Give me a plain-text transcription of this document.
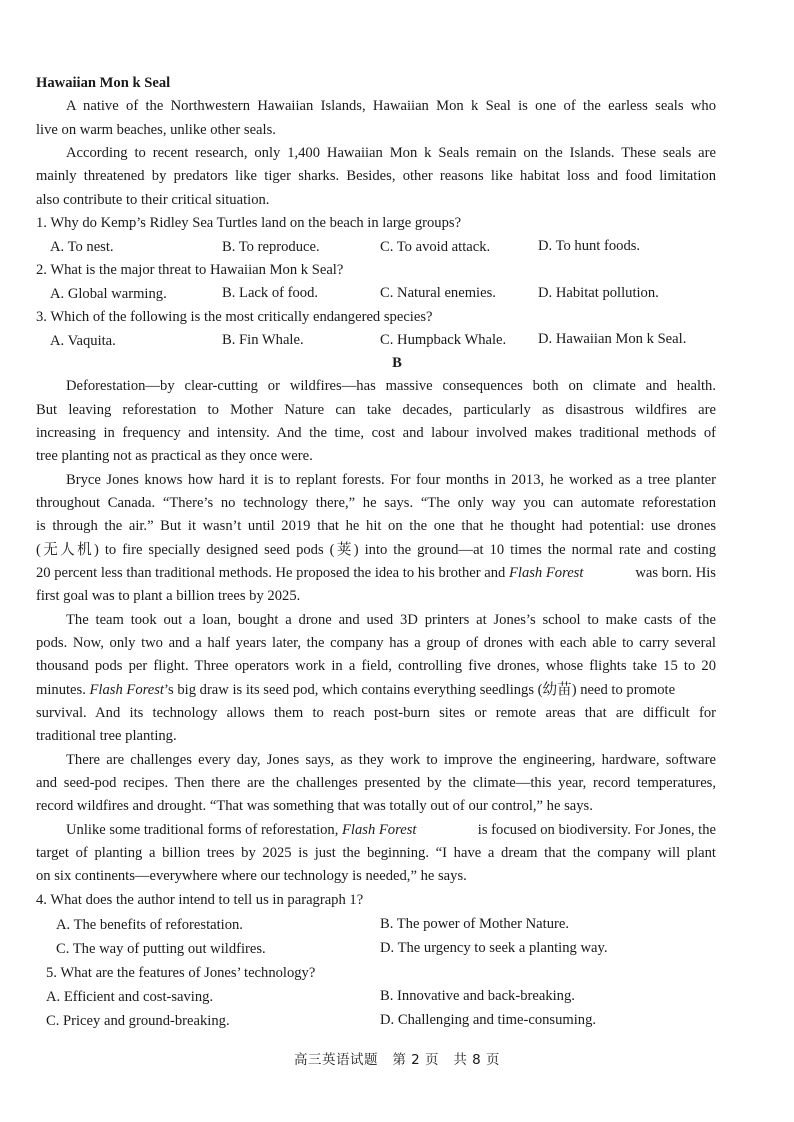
Hawaiian Mon k Seal
A native of the Northwestern Hawaiian Islands, Hawaiian Mon k Seal is one of the earless seals who
live on warm beaches, unlike other seals.
According to recent research, only 1,400 Hawaiian Mon k Seals remain on the Islands. These seals are
mainly threatened by predators like tiger sharks. Besides, other reasons like habitat loss and food limitation
also contribute to their critical situation.
1. Why do Kemp’s Ridley Sea Turtles land on the beach in large groups?
A. To nest.	B. To reproduce.	C. To avoid attack.	D. To hunt foods.
2. What is the major threat to Hawaiian Mon k Seal?
A. Global warming.	B. Lack of food.	C. Natural enemies.	D. Habitat pollution.
3. Which of the following is the most critically endangered species?
A. Vaquita.	B. Fin Whale.	C. Humpback Whale. D. Hawaiian Mon k Seal.
B
Deforestation—by clear-cutting or wildfires—has massive consequences both on climate and health.
But leaving reforestation to Mother Nature can take decades, particularly as disastrous wildfires are
increasing in frequency and intensity. And the time, cost and labour involved makes traditional methods of
tree planting not as practical as they once were.
Bryce Jones knows how hard it is to replant forests. For four months in 2013, he worked as a tree planter
throughout Canada. “There’s no technology there,” he says. “The only way you can automate reforestation
is through the air.” But it wasn’t until 2019 that he hit on the one that he thought had potential: use drones
(无人机) to fire specially designed seed pods (荚) into the ground—at 10 times the normal rate and costing
20 percent less than traditional methods. He proposed the idea to his brother and Flash Forest	was born. His
first goal was to plant a billion trees by 2025.
The team took out a loan, bought a drone and used 3D printers at Jones’s school to make casts of the
pods. Now, only two and a half years later, the company has a group of drones with each able to carry several
thousand pods per flight. Three operators work in a field, controlling five drones, whose flights take 15 to 20
minutes. Flash Forest ’s big draw is its seed pod, which contains everything seedlings (幼苗) need to promote
survival. And its technology allows them to reach post-burn sites or remote areas that are difficult for
traditional tree planting.
There are challenges every day, Jones says, as they work to improve the engineering, hardware, software
and seed-pod recipes. Then there are the challenges presented by the climate—this year, record temperatures,
record wildfires and drought. “That was something that was totally out of our control,” he says.
Unlike some traditional forms of reforestation, Flash Forest	is focused on biodiversity. For Jones, the
target of planting a billion trees by 2025 is just the beginning. “I have a dream that the company will plant
on six continents—everywhere where our technology is needed,” he says.
4. What does the author intend to tell us in paragraph 1?
A. The benefits of reforestation.	B. The power of Mother Nature.
C. The way of putting out wildfires.	D. The urgency to seek a planting way.
5. What are the features of Jones’ technology?
A. Efficient and cost-saving.	B. Innovative and back-breaking.
C. Pricey and ground-breaking.	D. Challenging and time-consuming.
高三英语试题   第 2 页   共 8 页
